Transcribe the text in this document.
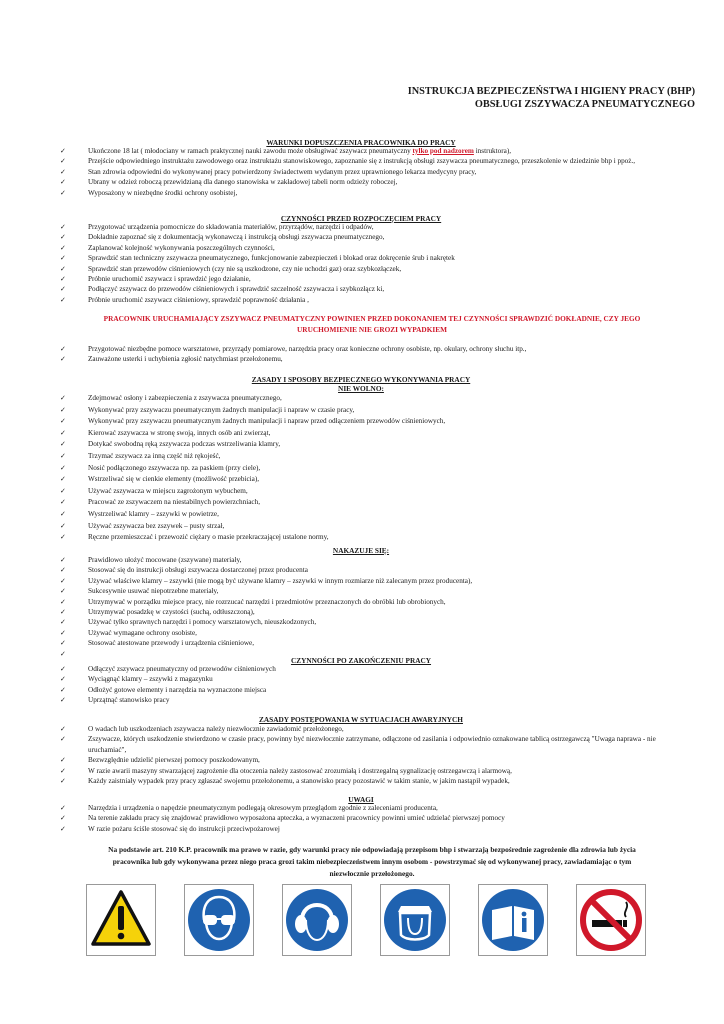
INSTRUKCJA BEZPIECZEŃSTWA I HIGIENY PRACY (BHP)
OBSŁUGI ZSZYWACZA PNEUMATYCZNEGO
WARUNKI DOPUSZCZENIA PRACOWNIKA DO PRACY
✓ Ukończone 18 lat ( młodociany w ramach praktycznej nauki zawodu może obsługiwać zszywacz pneumatyczny tylko pod nadzorem instruktora),
✓ Przejście odpowiedniego instruktażu zawodowego oraz instruktażu stanowiskowego, zapoznanie się z instrukcją obsługi zszywacza pneumatycznego, przeszkolenie w dziedzinie bhp i ppoż.,
✓ Stan zdrowia odpowiedni do wykonywanej pracy potwierdzony świadectwem wydanym przez uprawnionego lekarza medycyny pracy,
✓ Ubrany w odzież roboczą przewidzianą dla danego stanowiska w zakładowej tabeli norm odzieży roboczej,
✓ Wyposażony w niezbędne środki ochrony osobistej,
CZYNNOŚCI PRZED ROZPOCZĘCIEM PRACY
✓ Przygotować urządzenia pomocnicze do składowania materiałów, przyrządów, narzędzi i odpadów,
✓ Dokładnie zapoznać się z dokumentacją wykonawczą i instrukcją obsługi zszywacza pneumatycznego,
✓ Zaplanować kolejność wykonywania poszczególnych czynności,
✓ Sprawdzić stan techniczny zszywacza pneumatycznego, funkcjonowanie zabezpieczeń i blokad oraz dokręcenie śrub i nakrętek
✓ Sprawdzić stan przewodów ciśnieniowych (czy nie są uszkodzone, czy nie uchodzi gaz) oraz szybkozłączek,
✓ Próbnie uruchomić zszywacz i sprawdzić jego działanie,
✓ Podłączyć zszywacz do przewodów ciśnieniowych i sprawdzić szczelność zszywacza i szybkozłącz ki,
✓ Próbnie uruchomić zszywacz ciśnieniowy, sprawdzić poprawność działania ,
PRACOWNIK URUCHAMIAJĄCY ZSZYWACZ PNEUMATYCZNY POWINIEN PRZED DOKONANIEM TEJ CZYNNOŚCI SPRAWDZIĆ DOKŁADNIE, CZY JEGO URUCHOMIENIE NIE GROZI WYPADKIEM
✓ Przygotować niezbędne pomoce warsztatowe, przyrządy pomiarowe, narzędzia pracy oraz konieczne ochrony osobiste, np. okulary, ochrony słuchu itp.,
✓ Zauważone usterki i uchybienia zgłosić natychmiast przełożonemu,
ZASADY I SPOSOBY BEZPIECZNEGO WYKONYWANIA PRACY
NIE WOLNO:
✓ Zdejmować osłony i zabezpieczenia z zszywacza pneumatycznego,
✓ Wykonywać przy zszywaczu pneumatycznym żadnych manipulacji i napraw w czasie pracy,
✓ Wykonywać przy zszywaczu pneumatycznym żadnych manipulacji i napraw przed odłączeniem przewodów ciśnieniowych,
✓ Kierować zszywacza w stronę swoją, innych osób ani zwierząt,
✓ Dotykać swobodną ręką zszywacza podczas wstrzeliwania klamry,
✓ Trzymać zszywacz za inną część niż rękojeść,
✓ Nosić podłączonego zszywacza np. za paskiem (przy ciele),
✓ Wstrzeliwać się w cienkie elementy (możliwość przebicia),
✓ Używać zszywacza w miejscu zagrożonym wybuchem,
✓ Pracować ze zszywaczem na niestabilnych powierzchniach,
✓ Wystrzeliwać klamry – zszywki w powietrze,
✓ Używać zszywacza bez zszywek – pusty strzał,
✓ Ręczne przemieszczać i przewozić ciężary o masie przekraczającej ustalone normy,
NAKAZUJE SIĘ:
✓ Prawidłowo ułożyć mocowane (zszywane) materiały,
✓ Stosować się do instrukcji obsługi zszywacza dostarczonej przez producenta
✓ Używać właściwe klamry – zszywki (nie mogą być używane klamry – zszywki w innym rozmiarze niż zalecanym przez producenta),
✓ Sukcesywnie usuwać niepotrzebne materiały,
✓ Utrzymywać w porządku miejsce pracy, nie rozrzucać narzędzi i przedmiotów przeznaczonych do obróbki lub obrobionych,
✓ Utrzymywać posadzkę w czystości (suchą, odtłuszczoną),
✓ Używać tylko sprawnych narzędzi i pomocy warsztatowych, nieuszkodzonych,
✓ Używać wymagane ochrony osobiste,
✓ Stosować atestowane przewody i urządzenia ciśnieniowe,
✓
CZYNNOŚCI PO ZAKOŃCZENIU PRACY
✓ Odłączyć zszywacz pneumatyczny od przewodów ciśnieniowych
✓ Wyciągnąć klamry – zszywki z magazynku
✓ Odłożyć gotowe elementy i narzędzia na wyznaczone miejsca
✓ Uprzątnąć stanowisko pracy
ZASADY POSTĘPOWANIA W SYTUACJACH AWARYJNYCH
✓ O wadach lub uszkodzeniach zszywacza należy niezwłocznie zawiadomić przełożonego,
✓ Zszywacze, których uszkodzenie stwierdzono w czasie pracy, powinny być niezwłocznie zatrzymane, odłączone od zasilania i odpowiednio oznakowane tablicą ostrzegawczą "Uwaga naprawa - nie uruchamiać",
✓ Bezwzględnie udzielić pierwszej pomocy poszkodowanym,
✓ W razie awarii maszyny stwarzającej zagrożenie dla otoczenia należy zastosować zrozumiałą i dostrzegalną sygnalizację ostrzegawczą i alarmową,
✓ Każdy zaistniały wypadek przy pracy zgłaszać swojemu przełożonemu, a stanowisko pracy pozostawić w takim stanie, w jakim nastąpił wypadek,
UWAGI
✓ Narzędzia i urządzenia o napędzie pneumatycznym podlegają okresowym przeglądom zgodnie z zaleceniami producenta,
✓ Na terenie zakładu pracy się znajdować prawidłowo wyposażona apteczka, a wyznaczeni pracownicy powinni umieć udzielać pierwszej pomocy
✓ W razie pożaru ściśle stosować się do instrukcji przeciwpożarowej
Na podstawie art. 210 K.P. pracownik ma prawo w razie, gdy warunki pracy nie odpowiadają przepisom bhp i stwarzają bezpośrednie zagrożenie dla zdrowia lub życia pracownika lub gdy wykonywana przez niego praca grozi takim niebezpieczeństwem innym osobom - powstrzymać się od wykonywanej pracy, zawiadamiając o tym niezwłocznie przełożonego.
